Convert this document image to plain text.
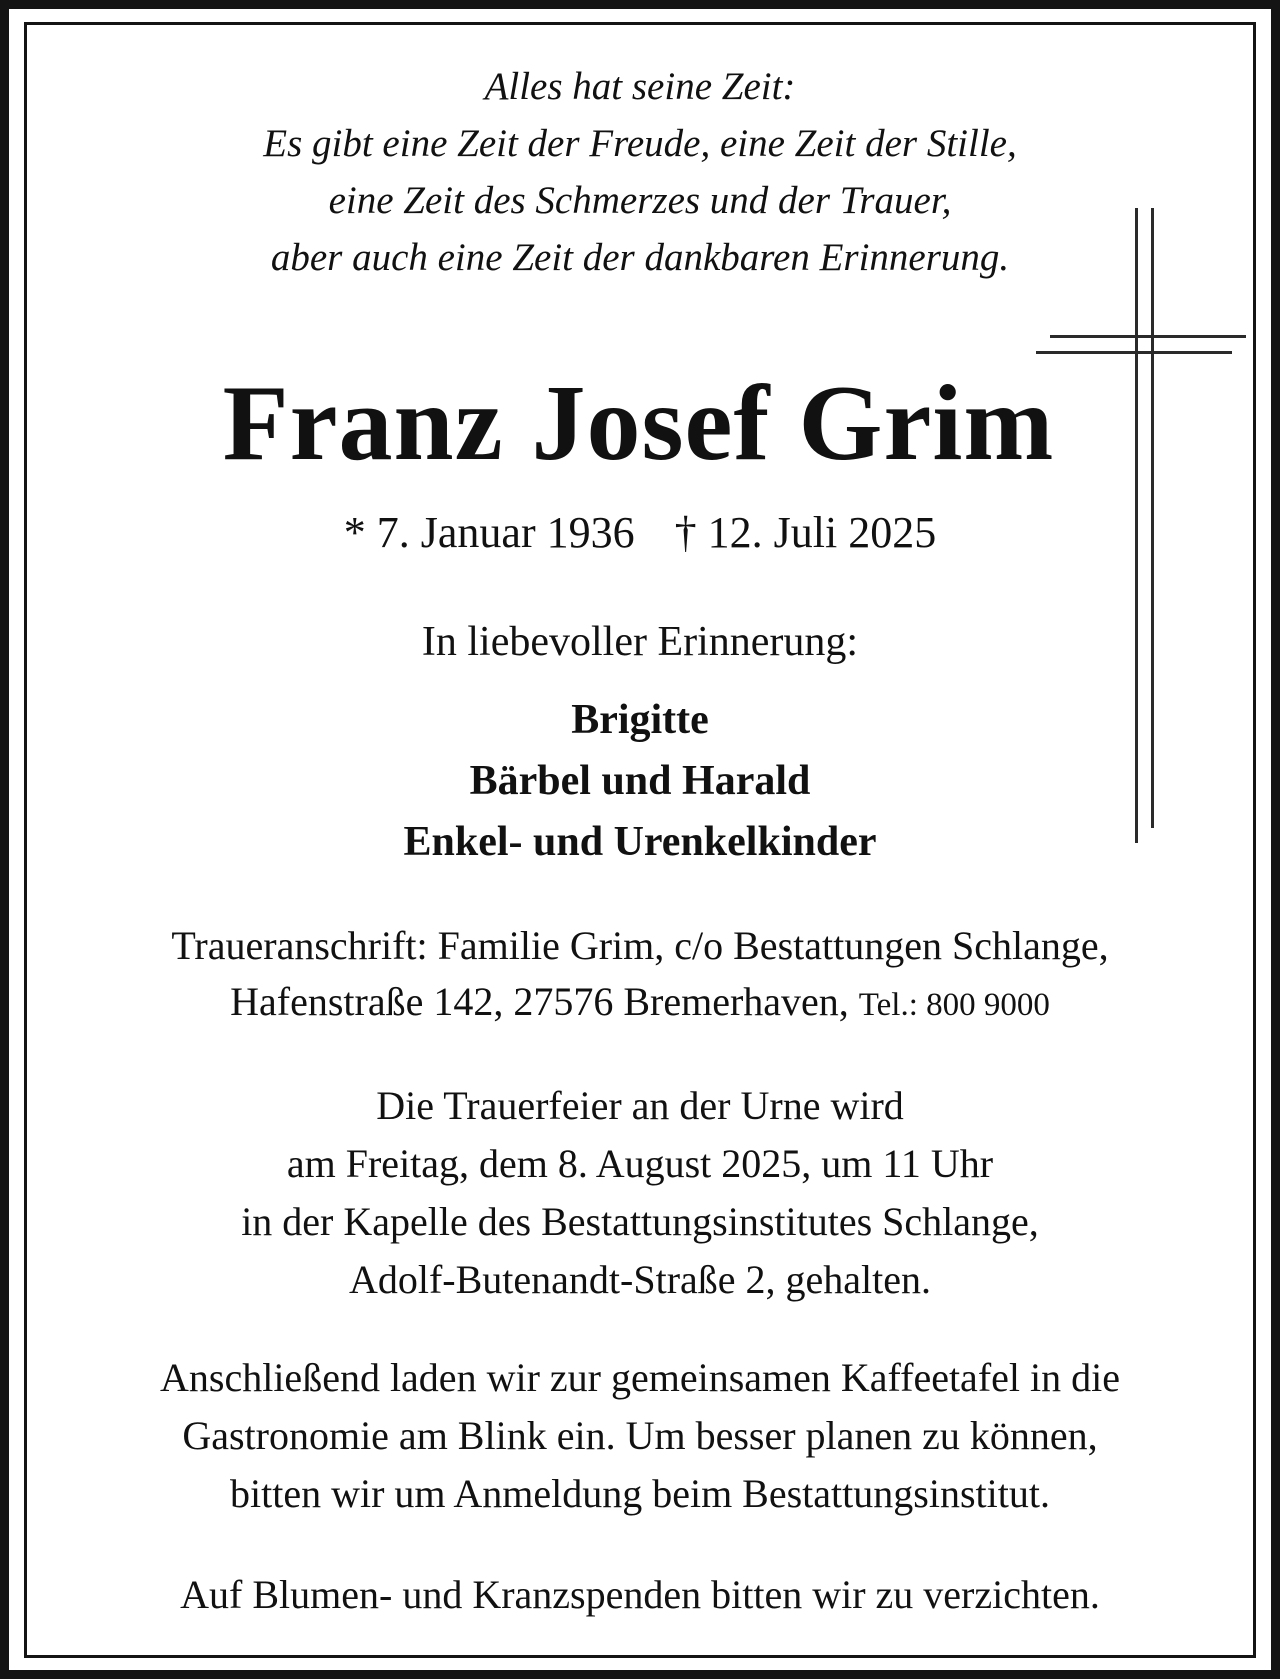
Alles hat seine Zeit:
Es gibt eine Zeit der Freude, eine Zeit der Stille,
eine Zeit des Schmerzes und der Trauer,
aber auch eine Zeit der dankbaren Erinnerung.
Franz Josef Grim
* 7. Januar 1936 † 12. Juli 2025
In liebevoller Erinnerung:
Brigitte
Bärbel und Harald
Enkel- und Urenkelkinder
Traueranschrift: Familie Grim, c/o Bestattungen Schlange,
Hafenstraße 142, 27576 Bremerhaven, Tel.: 800 9000
Die Trauerfeier an der Urne wird
am Freitag, dem 8. August 2025, um 11 Uhr
in der Kapelle des Bestattungsinstitutes Schlange,
Adolf-Butenandt-Straße 2, gehalten.
Anschließend laden wir zur gemeinsamen Kaffeetafel in die
Gastronomie am Blink ein. Um besser planen zu können,
bitten wir um Anmeldung beim Bestattungsinstitut.
Auf Blumen- und Kranzspenden bitten wir zu verzichten.
